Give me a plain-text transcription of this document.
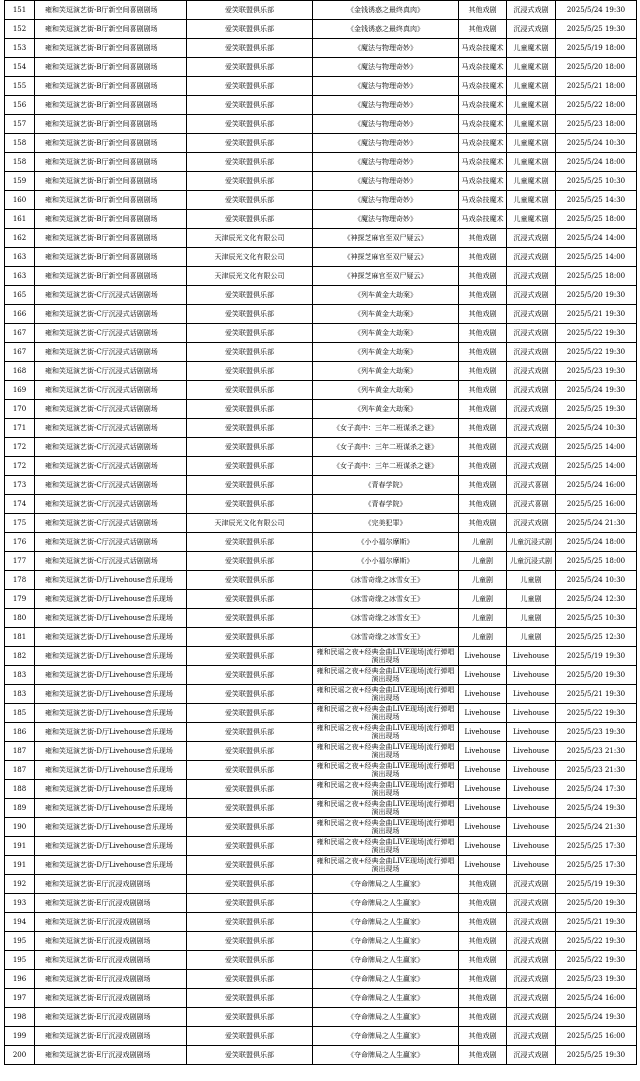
151	雍和笑逗演艺街-B厅新空间喜剧剧场	爱笑联盟俱乐部	《金钱诱惑之最终真肉》	其他戏剧	沉浸式戏剧	2025/5/24 19:30
152	雍和笑逗演艺街-B厅新空间喜剧剧场	爱笑联盟俱乐部	《金钱诱惑之最终真肉》	其他戏剧	沉浸式戏剧	2025/5/25 19:30
153	雍和笑逗演艺街-B厅新空间喜剧剧场	爱笑联盟俱乐部	《魔法与物理奇妙》	马戏杂技魔术	儿童魔术剧	2025/5/19 18:00
154	雍和笑逗演艺街-B厅新空间喜剧剧场	爱笑联盟俱乐部	《魔法与物理奇妙》	马戏杂技魔术	儿童魔术剧	2025/5/20 18:00
155	雍和笑逗演艺街-B厅新空间喜剧剧场	爱笑联盟俱乐部	《魔法与物理奇妙》	马戏杂技魔术	儿童魔术剧	2025/5/21 18:00
156	雍和笑逗演艺街-B厅新空间喜剧剧场	爱笑联盟俱乐部	《魔法与物理奇妙》	马戏杂技魔术	儿童魔术剧	2025/5/22 18:00
157	雍和笑逗演艺街-B厅新空间喜剧剧场	爱笑联盟俱乐部	《魔法与物理奇妙》	马戏杂技魔术	儿童魔术剧	2025/5/23 18:00
158	雍和笑逗演艺街-B厅新空间喜剧剧场	爱笑联盟俱乐部	《魔法与物理奇妙》	马戏杂技魔术	儿童魔术剧	2025/5/24 10:30
158	雍和笑逗演艺街-B厅新空间喜剧剧场	爱笑联盟俱乐部	《魔法与物理奇妙》	马戏杂技魔术	儿童魔术剧	2025/5/24 18:00
159	雍和笑逗演艺街-B厅新空间喜剧剧场	爱笑联盟俱乐部	《魔法与物理奇妙》	马戏杂技魔术	儿童魔术剧	2025/5/25 10:30
160	雍和笑逗演艺街-B厅新空间喜剧剧场	爱笑联盟俱乐部	《魔法与物理奇妙》	马戏杂技魔术	儿童魔术剧	2025/5/25 14:30
161	雍和笑逗演艺街-B厅新空间喜剧剧场	爱笑联盟俱乐部	《魔法与物理奇妙》	马戏杂技魔术	儿童魔术剧	2025/5/25 18:00
162	雍和笑逗演艺街-B厅新空间喜剧剧场	天津辰光文化有限公司	《神探芝麻官至双尸疑云》	其他戏剧	沉浸式戏剧	2025/5/24 14:00
163	雍和笑逗演艺街-B厅新空间喜剧剧场	天津辰光文化有限公司	《神探芝麻官至双尸疑云》	其他戏剧	沉浸式戏剧	2025/5/25 14:00
163	雍和笑逗演艺街-B厅新空间喜剧剧场	天津辰光文化有限公司	《神探芝麻官至双尸疑云》	其他戏剧	沉浸式戏剧	2025/5/25 18:00
165	雍和笑逗演艺街-C厅沉浸式话剧剧场	爱笑联盟俱乐部	《列车黄金大劫案》	其他戏剧	沉浸式戏剧	2025/5/20 19:30
166	雍和笑逗演艺街-C厅沉浸式话剧剧场	爱笑联盟俱乐部	《列车黄金大劫案》	其他戏剧	沉浸式戏剧	2025/5/21 19:30
167	雍和笑逗演艺街-C厅沉浸式话剧剧场	爱笑联盟俱乐部	《列车黄金大劫案》	其他戏剧	沉浸式戏剧	2025/5/22 19:30
167	雍和笑逗演艺街-C厅沉浸式话剧剧场	爱笑联盟俱乐部	《列车黄金大劫案》	其他戏剧	沉浸式戏剧	2025/5/22 19:30
168	雍和笑逗演艺街-C厅沉浸式话剧剧场	爱笑联盟俱乐部	《列车黄金大劫案》	其他戏剧	沉浸式戏剧	2025/5/23 19:30
169	雍和笑逗演艺街-C厅沉浸式话剧剧场	爱笑联盟俱乐部	《列车黄金大劫案》	其他戏剧	沉浸式戏剧	2025/5/24 19:30
170	雍和笑逗演艺街-C厅沉浸式话剧剧场	爱笑联盟俱乐部	《列车黄金大劫案》	其他戏剧	沉浸式戏剧	2025/5/25 19:30
171	雍和笑逗演艺街-C厅沉浸式话剧剧场	爱笑联盟俱乐部	《女子高中：三年二班谋杀之谜》	其他戏剧	沉浸式戏剧	2025/5/24 10:30
172	雍和笑逗演艺街-C厅沉浸式话剧剧场	爱笑联盟俱乐部	《女子高中：三年二班谋杀之谜》	其他戏剧	沉浸式戏剧	2025/5/25 14:00
172	雍和笑逗演艺街-C厅沉浸式话剧剧场	爱笑联盟俱乐部	《女子高中：三年二班谋杀之谜》	其他戏剧	沉浸式戏剧	2025/5/25 14:00
173	雍和笑逗演艺街-C厅沉浸式话剧剧场	爱笑联盟俱乐部	《青春学院》	其他戏剧	沉浸式喜剧	2025/5/24 16:00
174	雍和笑逗演艺街-C厅沉浸式话剧剧场	爱笑联盟俱乐部	《青春学院》	其他戏剧	沉浸式喜剧	2025/5/25 16:00
175	雍和笑逗演艺街-C厅沉浸式话剧剧场	天津辰光文化有限公司	《完美犯罪》	其他戏剧	沉浸式戏剧	2025/5/24 21:30
176	雍和笑逗演艺街-C厅沉浸式话剧剧场	爱笑联盟俱乐部	《小小福尔摩斯》	儿童剧	儿童沉浸式剧	2025/5/24 18:00
177	雍和笑逗演艺街-C厅沉浸式话剧剧场	爱笑联盟俱乐部	《小小福尔摩斯》	儿童剧	儿童沉浸式剧	2025/5/25 18:00
178	雍和笑逗演艺街-D厅Livehouse音乐现场	爱笑联盟俱乐部	《冰雪奇缘之冰雪女王》	儿童剧	儿童剧	2025/5/24 10:30
179	雍和笑逗演艺街-D厅Livehouse音乐现场	爱笑联盟俱乐部	《冰雪奇缘之冰雪女王》	儿童剧	儿童剧	2025/5/24 12:30
180	雍和笑逗演艺街-D厅Livehouse音乐现场	爱笑联盟俱乐部	《冰雪奇缘之冰雪女王》	儿童剧	儿童剧	2025/5/25 10:30
181	雍和笑逗演艺街-D厅Livehouse音乐现场	爱笑联盟俱乐部	《冰雪奇缘之冰雪女王》	儿童剧	儿童剧	2025/5/25 12:30
182	雍和笑逗演艺街-D厅Livehouse音乐现场	爱笑联盟俱乐部	雍和民谣之夜+经典金曲LIVE现场|流行弹唱演出现场	Livehouse	Livehouse	2025/5/19 19:30
183	雍和笑逗演艺街-D厅Livehouse音乐现场	爱笑联盟俱乐部	雍和民谣之夜+经典金曲LIVE现场|流行弹唱演出现场	Livehouse	Livehouse	2025/5/20 19:30
183	雍和笑逗演艺街-D厅Livehouse音乐现场	爱笑联盟俱乐部	雍和民谣之夜+经典金曲LIVE现场|流行弹唱演出现场	Livehouse	Livehouse	2025/5/21 19:30
185	雍和笑逗演艺街-D厅Livehouse音乐现场	爱笑联盟俱乐部	雍和民谣之夜+经典金曲LIVE现场|流行弹唱演出现场	Livehouse	Livehouse	2025/5/22 19:30
186	雍和笑逗演艺街-D厅Livehouse音乐现场	爱笑联盟俱乐部	雍和民谣之夜+经典金曲LIVE现场|流行弹唱演出现场	Livehouse	Livehouse	2025/5/23 19:30
187	雍和笑逗演艺街-D厅Livehouse音乐现场	爱笑联盟俱乐部	雍和民谣之夜+经典金曲LIVE现场|流行弹唱演出现场	Livehouse	Livehouse	2025/5/23 21:30
187	雍和笑逗演艺街-D厅Livehouse音乐现场	爱笑联盟俱乐部	雍和民谣之夜+经典金曲LIVE现场|流行弹唱演出现场	Livehouse	Livehouse	2025/5/23 21:30
188	雍和笑逗演艺街-D厅Livehouse音乐现场	爱笑联盟俱乐部	雍和民谣之夜+经典金曲LIVE现场|流行弹唱演出现场	Livehouse	Livehouse	2025/5/24 17:30
189	雍和笑逗演艺街-D厅Livehouse音乐现场	爱笑联盟俱乐部	雍和民谣之夜+经典金曲LIVE现场|流行弹唱演出现场	Livehouse	Livehouse	2025/5/24 19:30
190	雍和笑逗演艺街-D厅Livehouse音乐现场	爱笑联盟俱乐部	雍和民谣之夜+经典金曲LIVE现场|流行弹唱演出现场	Livehouse	Livehouse	2025/5/24 21:30
191	雍和笑逗演艺街-D厅Livehouse音乐现场	爱笑联盟俱乐部	雍和民谣之夜+经典金曲LIVE现场|流行弹唱演出现场	Livehouse	Livehouse	2025/5/25 17:30
191	雍和笑逗演艺街-D厅Livehouse音乐现场	爱笑联盟俱乐部	雍和民谣之夜+经典金曲LIVE现场|流行弹唱演出现场	Livehouse	Livehouse	2025/5/25 17:30
192	雍和笑逗演艺街-E厅沉浸戏剧剧场	爱笑联盟俱乐部	《夺命牌局之人生赢家》	其他戏剧	沉浸式戏剧	2025/5/19 19:30
193	雍和笑逗演艺街-E厅沉浸戏剧剧场	爱笑联盟俱乐部	《夺命牌局之人生赢家》	其他戏剧	沉浸式戏剧	2025/5/20 19:30
194	雍和笑逗演艺街-E厅沉浸戏剧剧场	爱笑联盟俱乐部	《夺命牌局之人生赢家》	其他戏剧	沉浸式戏剧	2025/5/21 19:30
195	雍和笑逗演艺街-E厅沉浸戏剧剧场	爱笑联盟俱乐部	《夺命牌局之人生赢家》	其他戏剧	沉浸式戏剧	2025/5/22 19:30
195	雍和笑逗演艺街-E厅沉浸戏剧剧场	爱笑联盟俱乐部	《夺命牌局之人生赢家》	其他戏剧	沉浸式戏剧	2025/5/22 19:30
196	雍和笑逗演艺街-E厅沉浸戏剧剧场	爱笑联盟俱乐部	《夺命牌局之人生赢家》	其他戏剧	沉浸式戏剧	2025/5/23 19:30
197	雍和笑逗演艺街-E厅沉浸戏剧剧场	爱笑联盟俱乐部	《夺命牌局之人生赢家》	其他戏剧	沉浸式戏剧	2025/5/24 16:00
198	雍和笑逗演艺街-E厅沉浸戏剧剧场	爱笑联盟俱乐部	《夺命牌局之人生赢家》	其他戏剧	沉浸式戏剧	2025/5/24 19:30
199	雍和笑逗演艺街-E厅沉浸戏剧剧场	爱笑联盟俱乐部	《夺命牌局之人生赢家》	其他戏剧	沉浸式戏剧	2025/5/25 16:00
200	雍和笑逗演艺街-E厅沉浸戏剧剧场	爱笑联盟俱乐部	《夺命牌局之人生赢家》	其他戏剧	沉浸式戏剧	2025/5/25 19:30
